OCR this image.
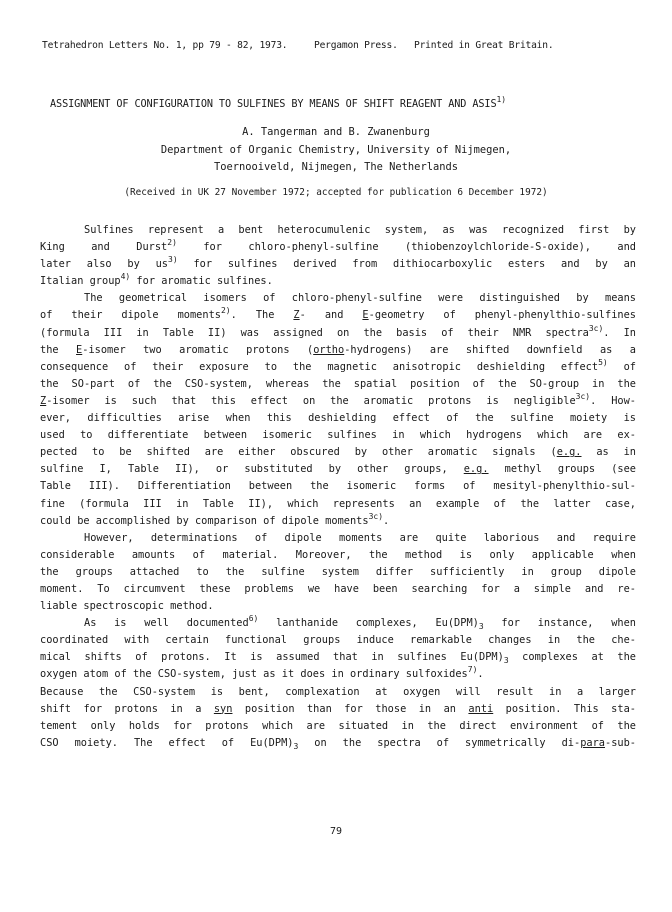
Tetrahedron Letters No. 1, pp 79 - 82, 1973.	Pergamon Press. Printed in Great Britain.
ASSIGNMENT OF CONFIGURATION TO SULFINES BY MEANS OF SHIFT REAGENT AND ASIS$^{1)}$
A. Tangerman and B. Zwanenburg
Department of Organic Chemistry, University of Nijmegen,
Toernooiveld, Nijmegen, The Netherlands
(Received in UK 27 November 1972; accepted for publication 6 December 1972)

Sulfines represent a bent heterocumulenic system, as was recognized first by
King and Durst$^{2)}$ for chloro-phenyl-sulfine (thiobenzoylchloride-S-oxide), and
later also by $us^{3)}$ for sulfines derived from dithiocarboxylic esters and by an
Italian group$^{4)}$ for aromatic sulfines.

The geometrical isomers of chloro-phenyl-sulfine were distinguished by means
of their dipole moments$^{2)}$. The Z- and E-geometry of phenyl-phenylthio-sulfines
(formula III in Table II) was assigned on the basis of their NMR spectra$^{3c)}$. In
the E-isomer two aromatic protons (ortho-hydrogens) are shifted downfield as a
consequence of their exposure to the magnetic anisotropic deshielding effect$^{5)}$ of
the SO-part of the CSO-system, whereas the spatial position of the SO-group in the
Z-isomer is such that this effect on the aromatic protons is negligible$^{3c)}$. How-
ever, difficulties arise when this deshielding effect of the sulfine moiety is
used to differentiate between isomeric sulfines in which hydrogens which are ex-
pected to be shifted are either obscured by other aromatic signals (e.g. as in
sulfine I, Table II), or substituted by other groups, e.g. methyl groups (see
Table III). Differentiation between the isomeric forms of mesityl-phenylthio-sul-
fine (formula III in Table II), which represents an example of the latter case,
could be accomplished by comparison of dipole moments$^{3c)}$.

However, determinations of dipole moments are quite laborious and require
considerable amounts of material. Moreover, the method is only applicable when
the groups attached to the sulfine system differ sufficiently in group dipole
moment. To circumvent these problems we have been searching for a simple and re-
liable spectroscopic method.

As is well documented$^{6)}$ lanthanide complexes, $Eu(DPM)_3$ for instance, when
coordinated with certain functional groups induce remarkable changes in the che-
mical shifts of protons. It is assumed that in sulfines $Eu(DPM)_3$ complexes at the
oxygen atom of the CSO-system, just as it does in ordinary sulfoxides$^{7)}$.
Because the CSO-system is bent, complexation at oxygen will result in a larger
shift for protons in a syn position than for those in an anti position. This sta-
tement only holds for protons which are situated in the direct environment of the
CSO moiety. The effect of $Eu(DPM)_3$ on the spectra of symmetrically di-para-sub-

79
